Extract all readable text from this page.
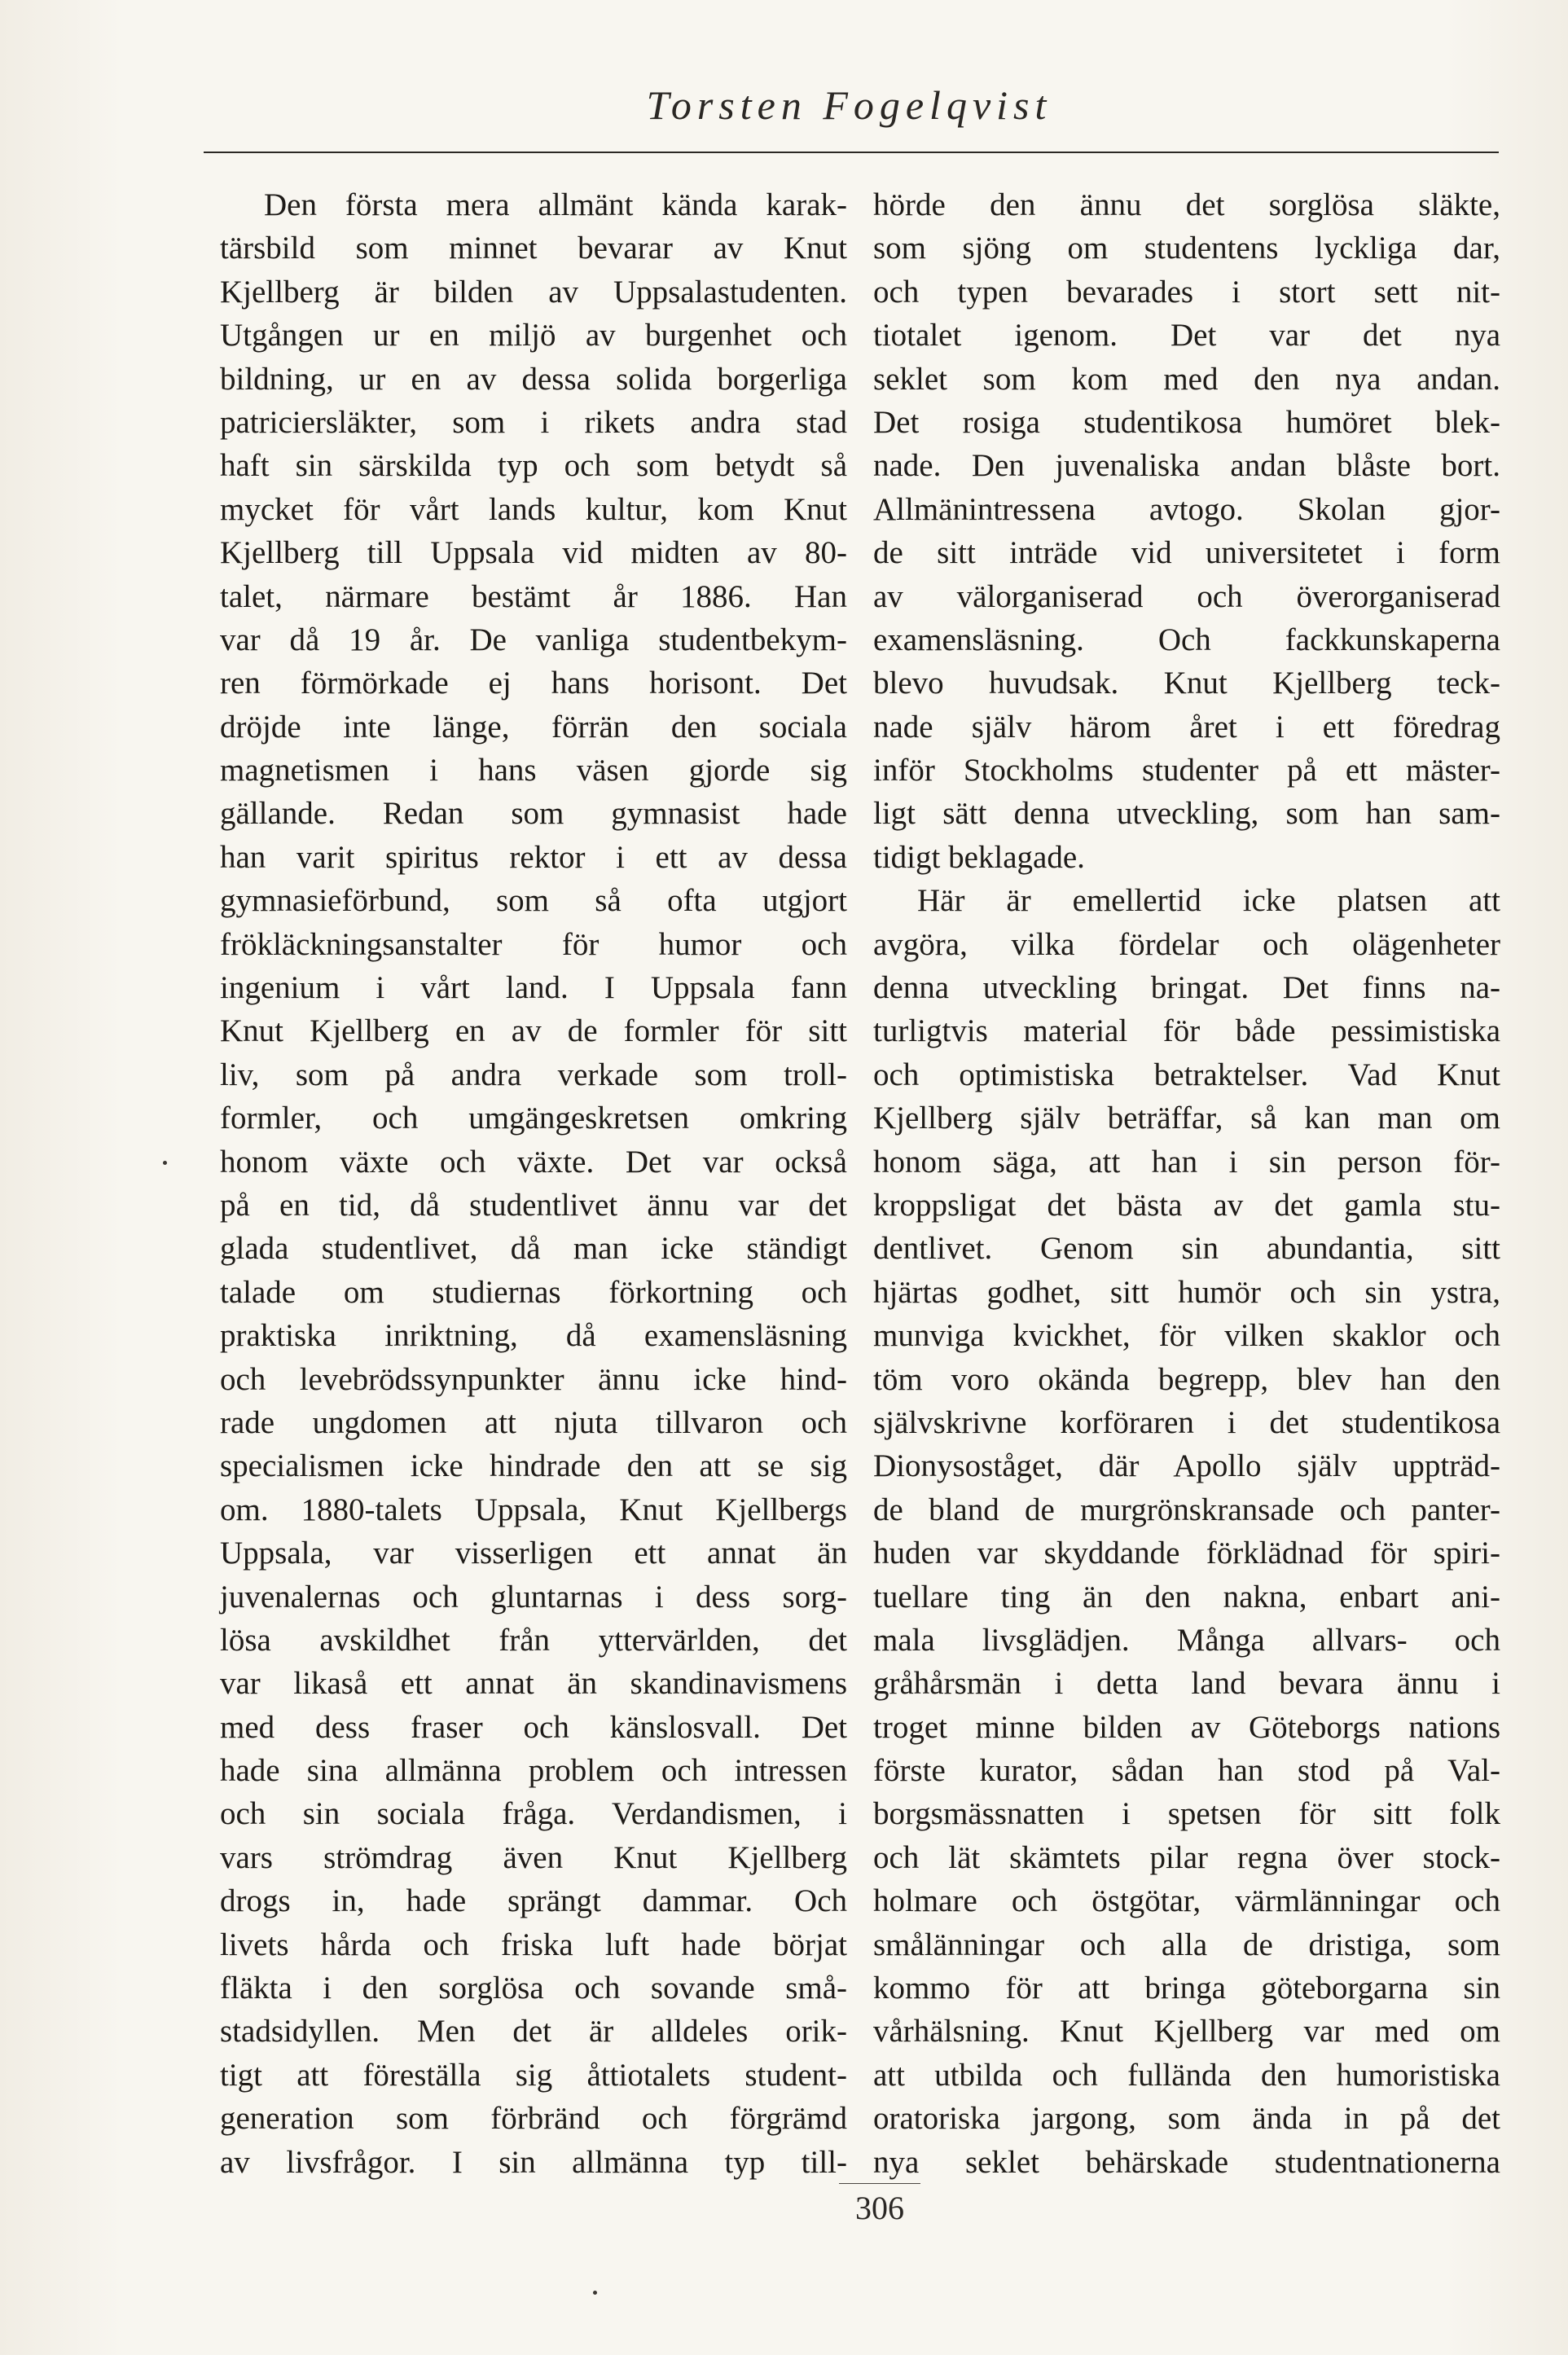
Torsten Fogelqvist
Den första mera allmänt kända karak-
tärsbild som minnet bevarar av Knut
Kjellberg är bilden av Uppsalastudenten.
Utgången ur en miljö av burgenhet och
bildning, ur en av dessa solida borgerliga
patriciersläkter, som i rikets andra stad
haft sin särskilda typ och som betydt så
mycket för vårt lands kultur, kom Knut
Kjellberg till Uppsala vid midten av 80-
talet, närmare bestämt år 1886. Han
var då 19 år. De vanliga studentbekym-
ren förmörkade ej hans horisont. Det
dröjde inte länge, förrän den sociala
magnetismen i hans väsen gjorde sig
gällande. Redan som gymnasist hade
han varit spiritus rektor i ett av dessa
gymnasieförbund, som så ofta utgjort
frökläckningsanstalter för humor och
ingenium i vårt land. I Uppsala fann
Knut Kjellberg en av de formler för sitt
liv, som på andra verkade som troll-
formler, och umgängeskretsen omkring
honom växte och växte. Det var också
på en tid, då studentlivet ännu var det
glada studentlivet, då man icke ständigt
talade om studiernas förkortning och
praktiska inriktning, då examensläsning
och levebrödssynpunkter ännu icke hind-
rade ungdomen att njuta tillvaron och
specialismen icke hindrade den att se sig
om. 1880-talets Uppsala, Knut Kjellbergs
Uppsala, var visserligen ett annat än
juvenalernas och gluntarnas i dess sorg-
lösa avskildhet från yttervärlden, det
var likaså ett annat än skandinavismens
med dess fraser och känslosvall. Det
hade sina allmänna problem och intressen
och sin sociala fråga. Verdandismen, i
vars strömdrag även Knut Kjellberg
drogs in, hade sprängt dammar. Och
livets hårda och friska luft hade börjat
fläkta i den sorglösa och sovande små-
stadsidyllen. Men det är alldeles orik-
tigt att föreställa sig åttiotalets student-
generation som förbränd och förgrämd
av livsfrågor. I sin allmänna typ till-
hörde den ännu det sorglösa släkte,
som sjöng om studentens lyckliga dar,
och typen bevarades i stort sett nit-
tiotalet igenom. Det var det nya
seklet som kom med den nya andan.
Det rosiga studentikosa humöret blek-
nade. Den juvenaliska andan blåste bort.
Allmänintressena avtogo. Skolan gjor-
de sitt inträde vid universitetet i form
av välorganiserad och överorganiserad
examensläsning. Och fackkunskaperna
blevo huvudsak. Knut Kjellberg teck-
nade själv härom året i ett föredrag
inför Stockholms studenter på ett mäster-
ligt sätt denna utveckling, som han sam-
tidigt beklagade.
Här är emellertid icke platsen att
avgöra, vilka fördelar och olägenheter
denna utveckling bringat. Det finns na-
turligtvis material för både pessimistiska
och optimistiska betraktelser. Vad Knut
Kjellberg själv beträffar, så kan man om
honom säga, att han i sin person för-
kroppsligat det bästa av det gamla stu-
dentlivet. Genom sin abundantia, sitt
hjärtas godhet, sitt humör och sin ystra,
munviga kvickhet, för vilken skaklor och
töm voro okända begrepp, blev han den
självskrivne korföraren i det studentikosa
Dionysoståget, där Apollo själv uppträd-
de bland de murgrönskransade och panter-
huden var skyddande förklädnad för spiri-
tuellare ting än den nakna, enbart ani-
mala livsglädjen. Många allvars- och
gråhårsmän i detta land bevara ännu i
troget minne bilden av Göteborgs nations
förste kurator, sådan han stod på Val-
borgsmässnatten i spetsen för sitt folk
och lät skämtets pilar regna över stock-
holmare och östgötar, värmlänningar och
smålänningar och alla de dristiga, som
kommo för att bringa göteborgarna sin
vårhälsning. Knut Kjellberg var med om
att utbilda och fullända den humoristiska
oratoriska jargong, som ända in på det
nya seklet behärskade studentnationerna
306
